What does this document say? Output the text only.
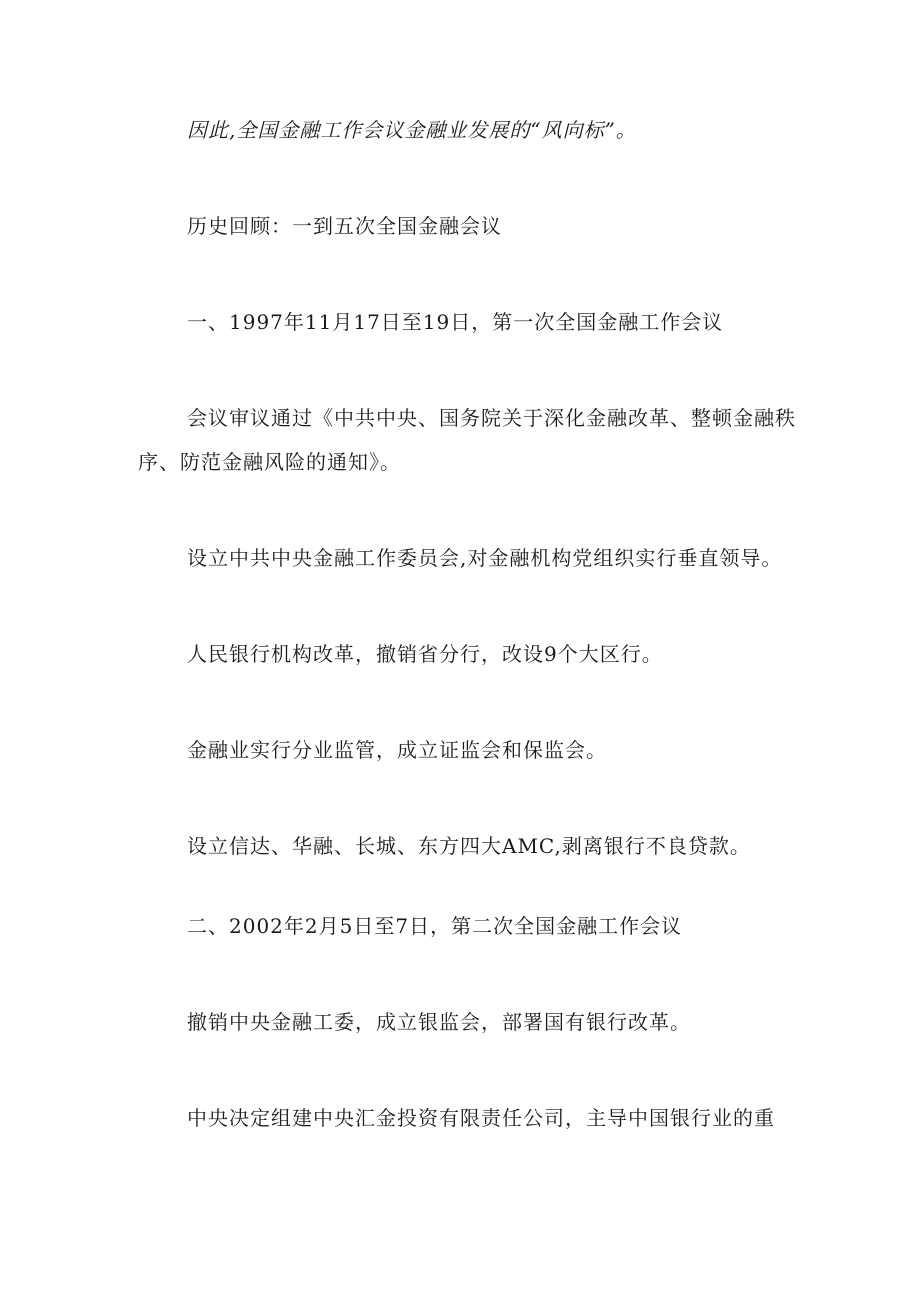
因此,全国金融工作会议金融业发展的“风向标”。

历史回顾：一到五次全国金融会议

一、1997年11月17日至19日，第一次全国金融工作会议

会议审议通过《中共中央、国务院关于深化金融改革、整顿金融秩序、防范金融风险的通知》。

设立中共中央金融工作委员会,对金融机构党组织实行垂直领导。

人民银行机构改革，撤销省分行，改设9个大区行。

金融业实行分业监管，成立证监会和保监会。

设立信达、华融、长城、东方四大AMC,剥离银行不良贷款。

二、2002年2月5日至7日，第二次全国金融工作会议

撤销中央金融工委，成立银监会，部署国有银行改革。

中央决定组建中央汇金投资有限责任公司，主导中国银行业的重
